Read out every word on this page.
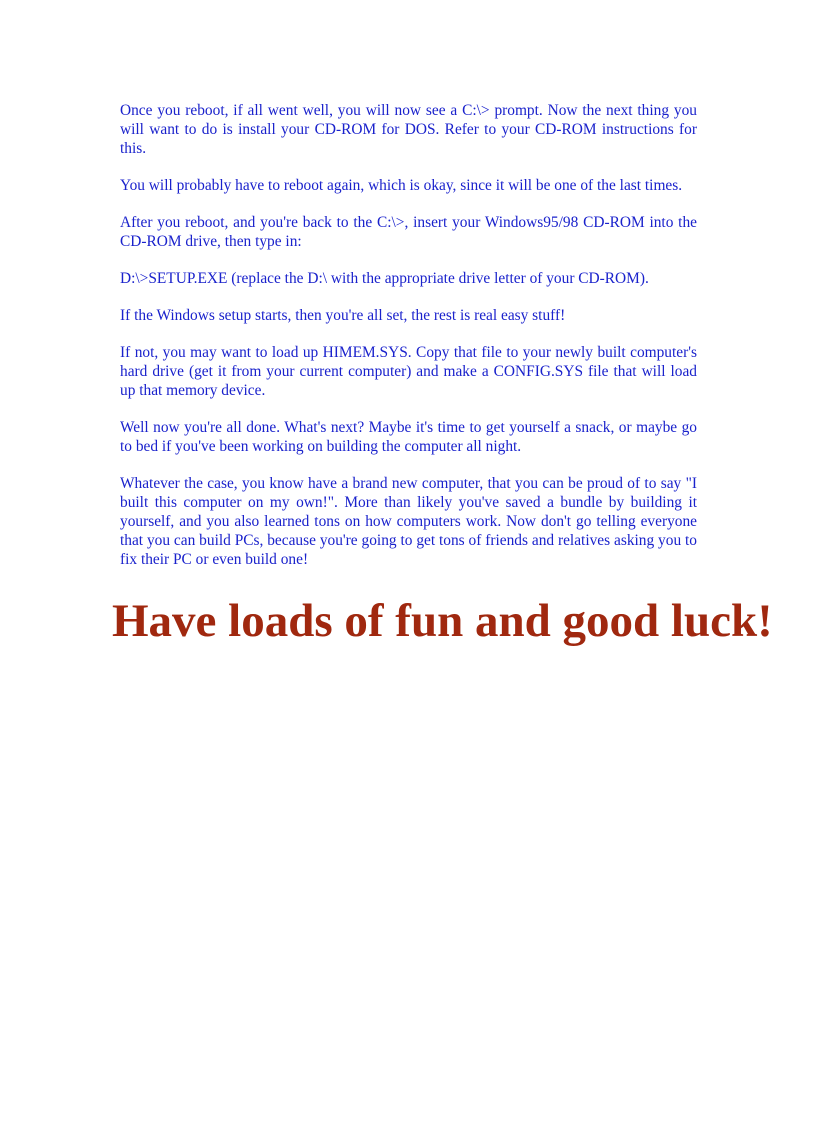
Once you reboot, if all went well, you will now see a C:\> prompt. Now the next thing you will want to do is install your CD-ROM for DOS. Refer to your CD-ROM instructions for this.

You will probably have to reboot again, which is okay, since it will be one of the last times.

After you reboot, and you're back to the C:\>, insert your Windows95/98 CD-ROM into the CD-ROM drive, then type in:

D:\>SETUP.EXE (replace the D:\ with the appropriate drive letter of your CD-ROM).

If the Windows setup starts, then you're all set, the rest is real easy stuff!

If not, you may want to load up HIMEM.SYS. Copy that file to your newly built computer's hard drive (get it from your current computer) and make a CONFIG.SYS file that will load up that memory device.

Well now you're all done. What's next? Maybe it's time to get yourself a snack, or maybe go to bed if you've been working on building the computer all night.

Whatever the case, you know have a brand new computer, that you can be proud of to say "I built this computer on my own!". More than likely you've saved a bundle by building it yourself, and you also learned tons on how computers work. Now don't go telling everyone that you can build PCs, because you're going to get tons of friends and relatives asking you to fix their PC or even build one!

Have loads of fun and good luck!
